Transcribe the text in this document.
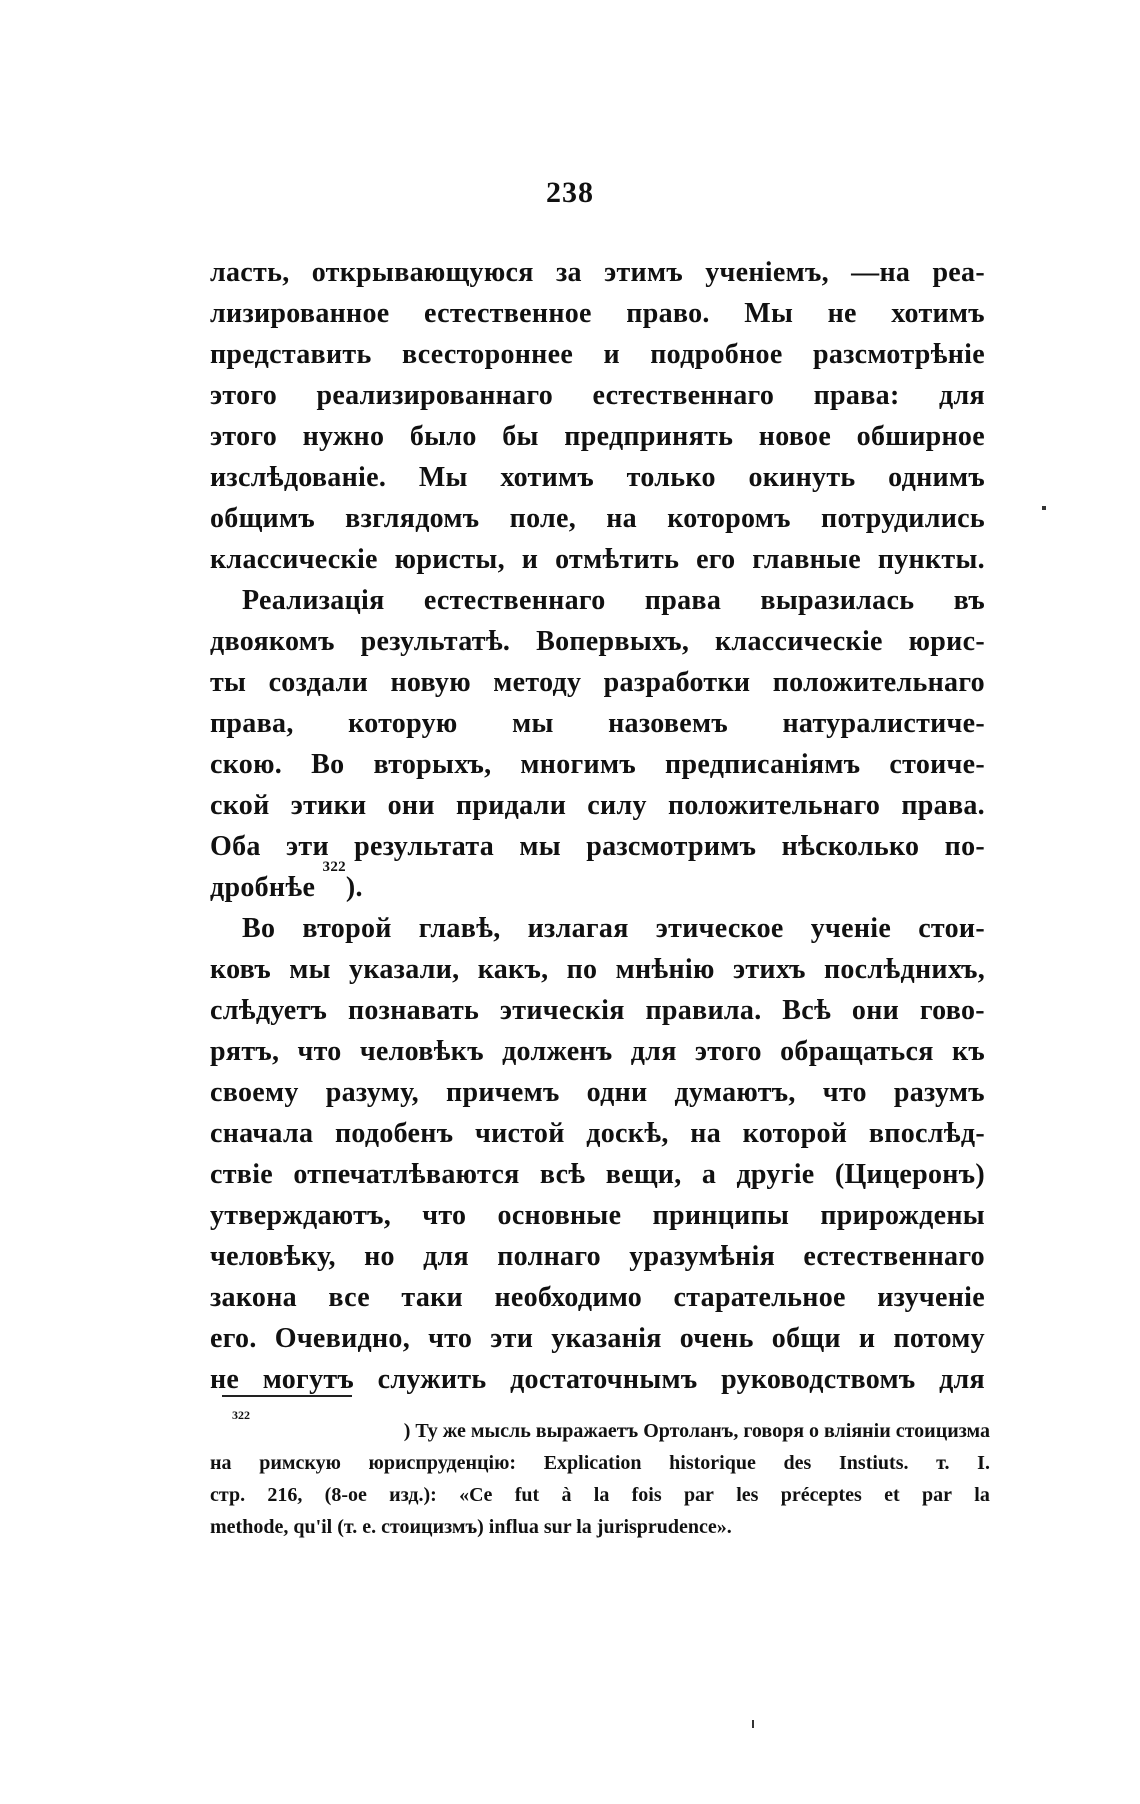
238
ласть, открывающуюся за этимъ ученіемъ, —на реа-
лизированное естественное право. Мы не хотимъ
представить всестороннее и подробное разсмотрѣніе
этого реализированнаго естественнаго права: для
этого нужно было бы предпринять новое обширное
изслѣдованіе. Мы хотимъ только окинуть однимъ
общимъ взглядомъ поле, на которомъ потрудились
классическіе юристы, и отмѣтить его главные пункты.
Реализація естественнаго права выразилась въ
двоякомъ результатѣ. Вопервыхъ, классическіе юрис-
ты создали новую методу разработки положительнаго
права, которую мы назовемъ натуралистиче-
скою. Во вторыхъ, многимъ предписаніямъ стоиче-
ской этики они придали силу положительнаго права.
Оба эти результата мы разсмотримъ нѣсколько по-
дробнѣе

322
).
Во второй главѣ, излагая этическое ученіе стои-
ковъ мы указали, какъ, по мнѣнію этихъ послѣднихъ,
слѣдуетъ познавать этическія правила. Всѣ они гово-
рятъ, что человѣкъ долженъ для этого обращаться къ
своему разуму, причемъ одни думаютъ, что разумъ
сначала подобенъ чистой доскѣ, на которой впослѣд-
ствіе отпечатлѣваются всѣ вещи, а другіе (Цицеронъ)
утверждаютъ, что основные принципы прирождены
человѣку, но для полнаго уразумѣнія естественнаго
закона все таки необходимо старательное изученіе
его. Очевидно, что эти указанія очень общи и потому
не могутъ служить достаточнымъ руководствомъ для
322
) Ту же мысль выражаетъ Ортоланъ, говоря о вліяніи стоицизма
на римскую юриспруденцію: Explication historique des Instiuts. т. I.
стр. 216, (8-ое изд.): «Ce fut à la fois par les préceptes et par la
methode, qu'il (т. е. стоицизмъ) influa sur la jurisprudence».
